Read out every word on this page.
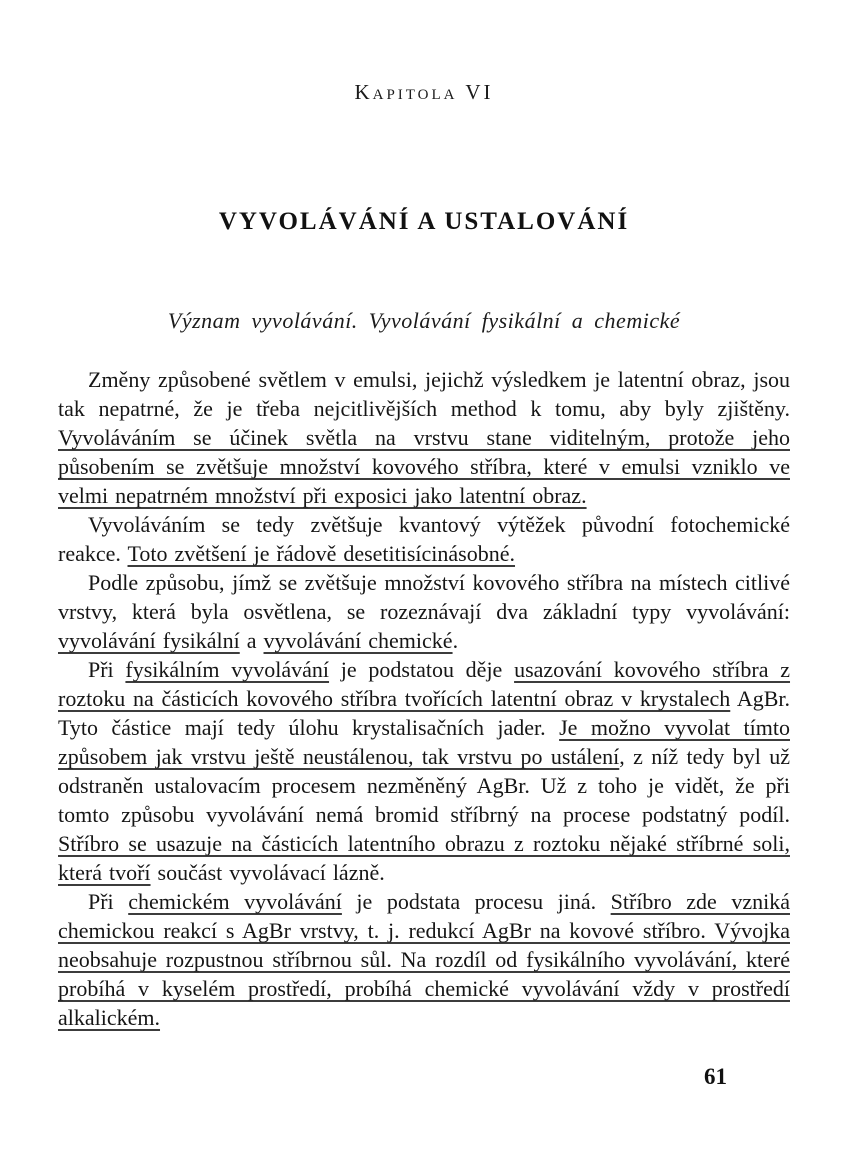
Kapitola VI
VYVOLÁVÁNÍ A USTALOVÁNÍ
Význam vyvolávání. Vyvolávání fysikální a chemické

Změny způsobené světlem v emulsi, jejichž výsledkem je latentní obraz, jsou tak nepatrné, že je třeba nejcitlivějších method k tomu, aby byly zjištěny. Vyvoláváním se účinek světla na vrstvu stane viditelným, protože jeho působením se zvětšuje množství kovového stříbra, které v emulsi vzniklo ve velmi nepatrném množství při exposici jako latentní obraz.

Vyvoláváním se tedy zvětšuje kvantový výtěžek původní fotochemické reakce. Toto zvětšení je řádově desetitisícinásobné.

Podle způsobu, jímž se zvětšuje množství kovového stříbra na místech citlivé vrstvy, která byla osvětlena, se rozeznávají dva základní typy vyvolávání: vyvolávání fysikální a vyvolávání chemické.

Při fysikálním vyvolávání je podstatou děje usazování kovového stříbra z roztoku na částicích kovového stříbra tvořících latentní obraz v krystalech AgBr. Tyto částice mají tedy úlohu krystalisačních jader. Je možno vyvolat tímto způsobem jak vrstvu ještě neustálenou, tak vrstvu po ustálení, z níž tedy byl už odstraněn ustalovacím procesem nezměněný AgBr. Už z toho je vidět, že při tomto způsobu vyvolávání nemá bromid stříbrný na procese podstatný podíl. Stříbro se usazuje na částicích latentního obrazu z roztoku nějaké stříbrné soli, která tvoří součást vyvolávací lázně.

Při chemickém vyvolávání je podstata procesu jiná. Stříbro zde vzniká chemickou reakcí s AgBr vrstvy, t. j. redukcí AgBr na kovové stříbro. Vývojka neobsahuje rozpustnou stříbrnou sůl. Na rozdíl od fysikálního vyvolávání, které probíhá v kyselém prostředí, probíhá chemické vyvolávání vždy v prostředí alkalickém.

61
